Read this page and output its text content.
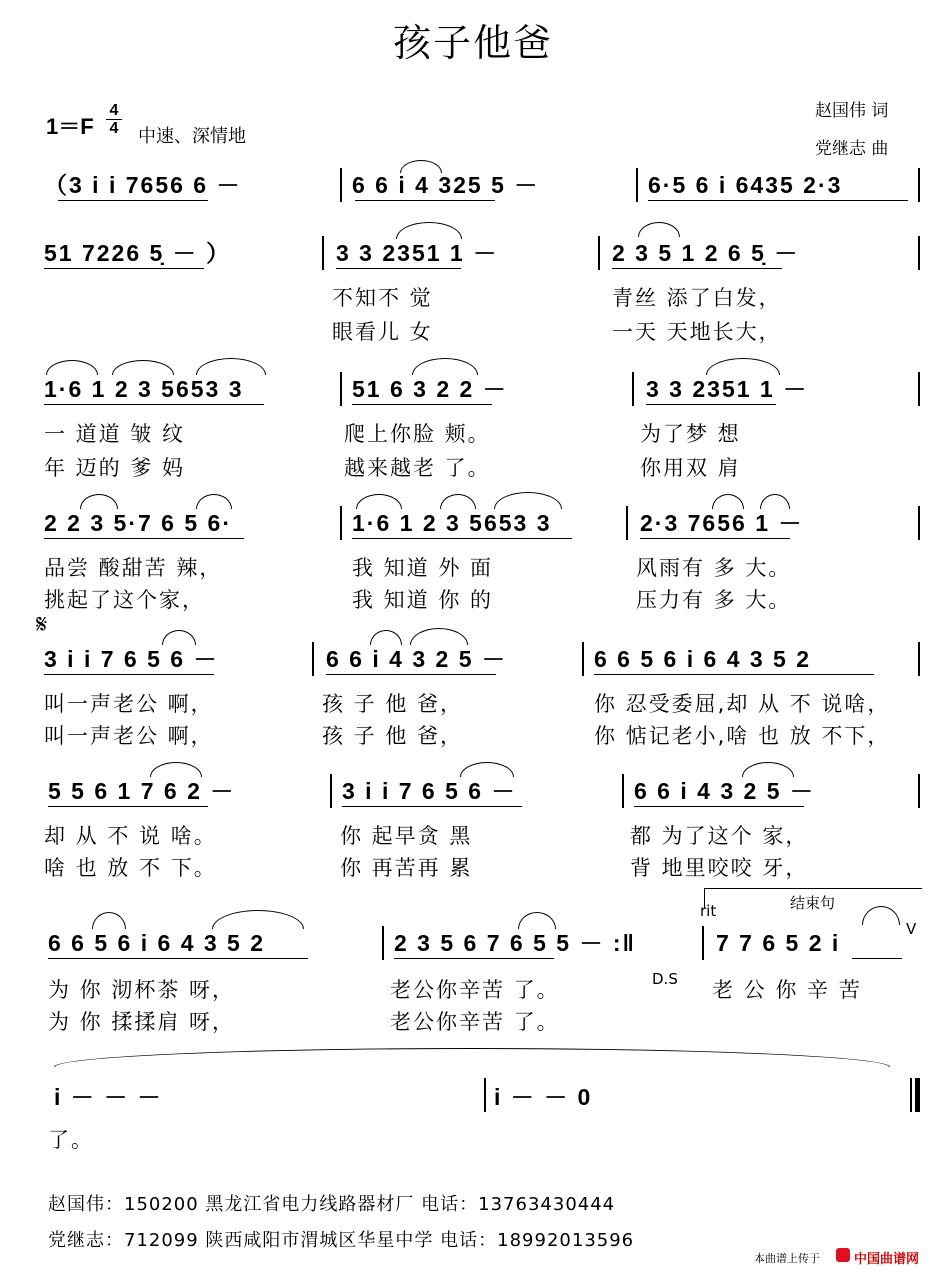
孩子他爸
1＝F
4
4	中速、深情地
赵国伟 词
党继志 曲
（3 i i 7656 6 －	6 6 i 4 325 5 －	6·5 6 i 6435 2·3
51 7226 5̣ － ）	3 3 2351 1 －	2 3 5 1 2 6 5̣ －
不知不 觉	青丝 添了白发，
眼看儿 女	一天 天地长大，
1·6 1 2 3 5653 3	51 6 3 2 2 －	3 3 2351 1 －
一 道道 皱 纹	爬上你脸 颊。	为了梦 想
年 迈的 爹 妈	越来越老 了。	你用双 肩
2 2 3 5·7 6 5 6·	1·6 1 2 3 5653 3	2·3 7656 1 －
品尝 酸甜苦 辣，	我 知道 外 面	风雨有 多 大。
挑起了这个家，	我 知道 你 的	压力有 多 大。
𝄋
3 i i 7 6 5 6 －	6 6 i 4 3 2 5 －	6 6 5 6 i 6 4 3 5 2
叫一声老公 啊，	孩 子 他 爸，	你 忍受委屈,却 从 不 说啥，
叫一声老公 啊，	孩 子 他 爸，	你 惦记老小,啥 也 放 不下，
5 5 6 1 7 6 2 －	3 i i 7 6 5 6 －	6 6 i 4 3 2 5 －
却 从 不 说 啥。	你 起早贪 黑	都 为了这个 家，
啥 也 放 不 下。	你 再苦再 累	背 地里咬咬 牙，
rit	结束句
6 6 5 6 i 6 4 3 5 2	2 3 5 6 7 6 5 5 － :‖	7 7 6 5 2 i
V
为 你 沏杯茶 呀，	老公你辛苦 了。	D.S 老 公 你 辛 苦
为 你 揉揉肩 呀，	老公你辛苦 了。
i － － －	i － － 0
了。
赵国伟：150200 黑龙江省电力线路器材厂 电话：13763430444
党继志：712099 陕西咸阳市渭城区华星中学 电话：18992013596
本曲谱上传于	中国曲谱网
